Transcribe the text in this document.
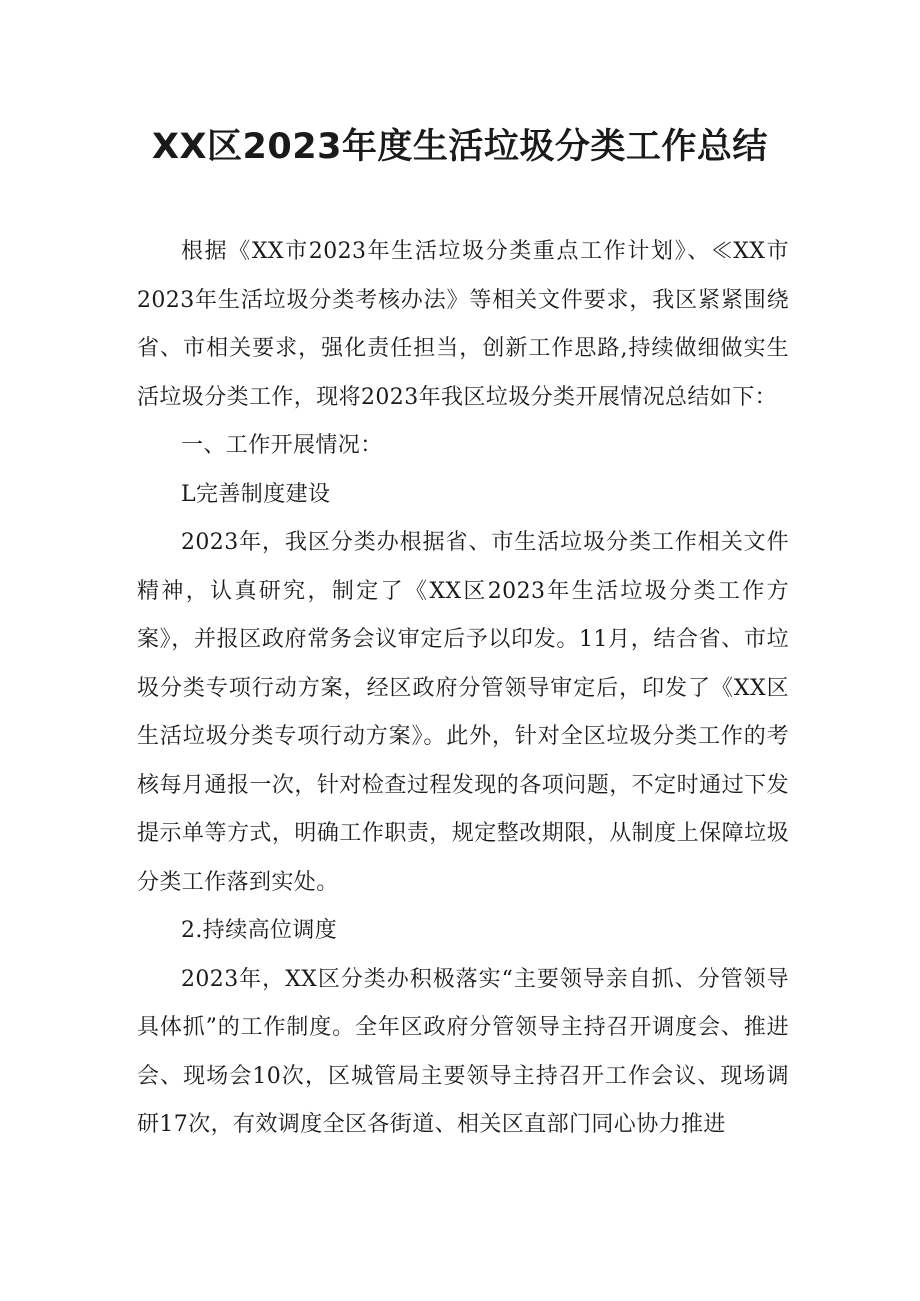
XX区2023年度生活垃圾分类工作总结

根据《XX市2023年生活垃圾分类重点工作计划》、≪XX市2023年生活垃圾分类考核办法》等相关文件要求，我区紧紧围绕省、市相关要求，强化责任担当，创新工作思路,持续做细做实生活垃圾分类工作，现将2023年我区垃圾分类开展情况总结如下：

一、工作开展情况：

L完善制度建设

2023年，我区分类办根据省、市生活垃圾分类工作相关文件精神，认真研究，制定了《XX区2023年生活垃圾分类工作方案》，并报区政府常务会议审定后予以印发。11月，结合省、市垃圾分类专项行动方案，经区政府分管领导审定后，印发了《XX区生活垃圾分类专项行动方案》。此外，针对全区垃圾分类工作的考核每月通报一次，针对检查过程发现的各项问题，不定时通过下发提示单等方式，明确工作职责，规定整改期限，从制度上保障垃圾分类工作落到实处。

2.持续高位调度

2023年，XX区分类办积极落实“主要领导亲自抓、分管领导具体抓”的工作制度。全年区政府分管领导主持召开调度会、推进会、现场会10次，区城管局主要领导主持召开工作会议、现场调研17次，有效调度全区各街道、相关区直部门同心协力推进
